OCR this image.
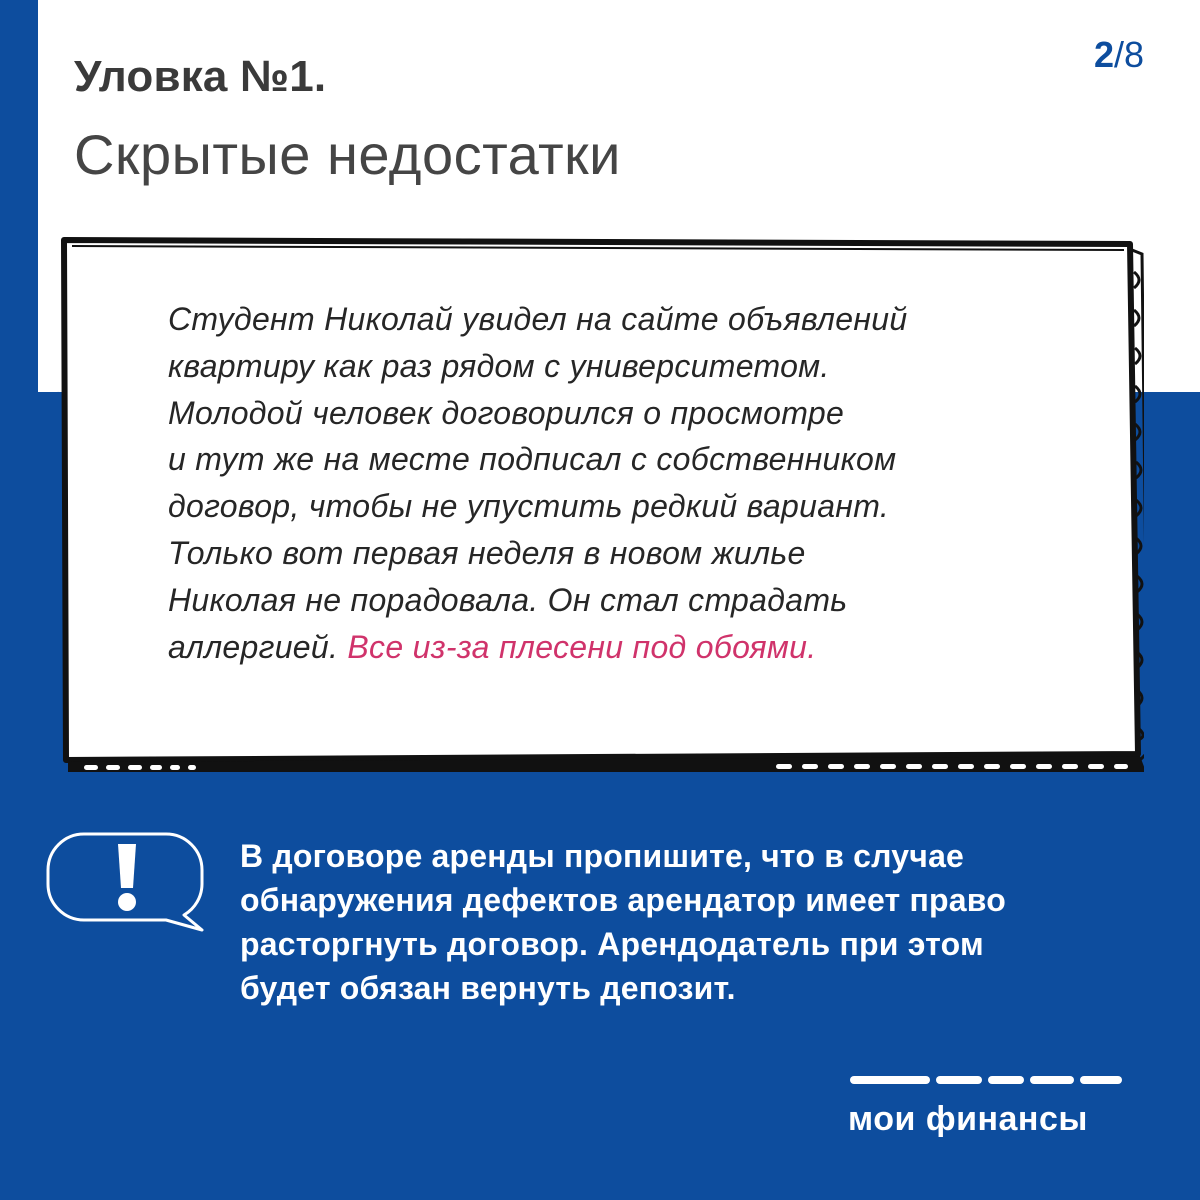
Уловка №1.
Скрытые недостатки
2/8

Студент Николай увидел на сайте объявлений
квартиру как раз рядом с университетом.
Молодой человек договорился о просмотре
и тут же на месте подписал с собственником
договор, чтобы не упустить редкий вариант.
Только вот первая неделя в новом жилье
Николая не порадовала. Он стал страдать
аллергией. Все из-за плесени под обоями.

В договоре аренды пропишите, что в случае
обнаружения дефектов арендатор имеет право
расторгнуть договор. Арендодатель при этом
будет обязан вернуть депозит.

мои финансы
